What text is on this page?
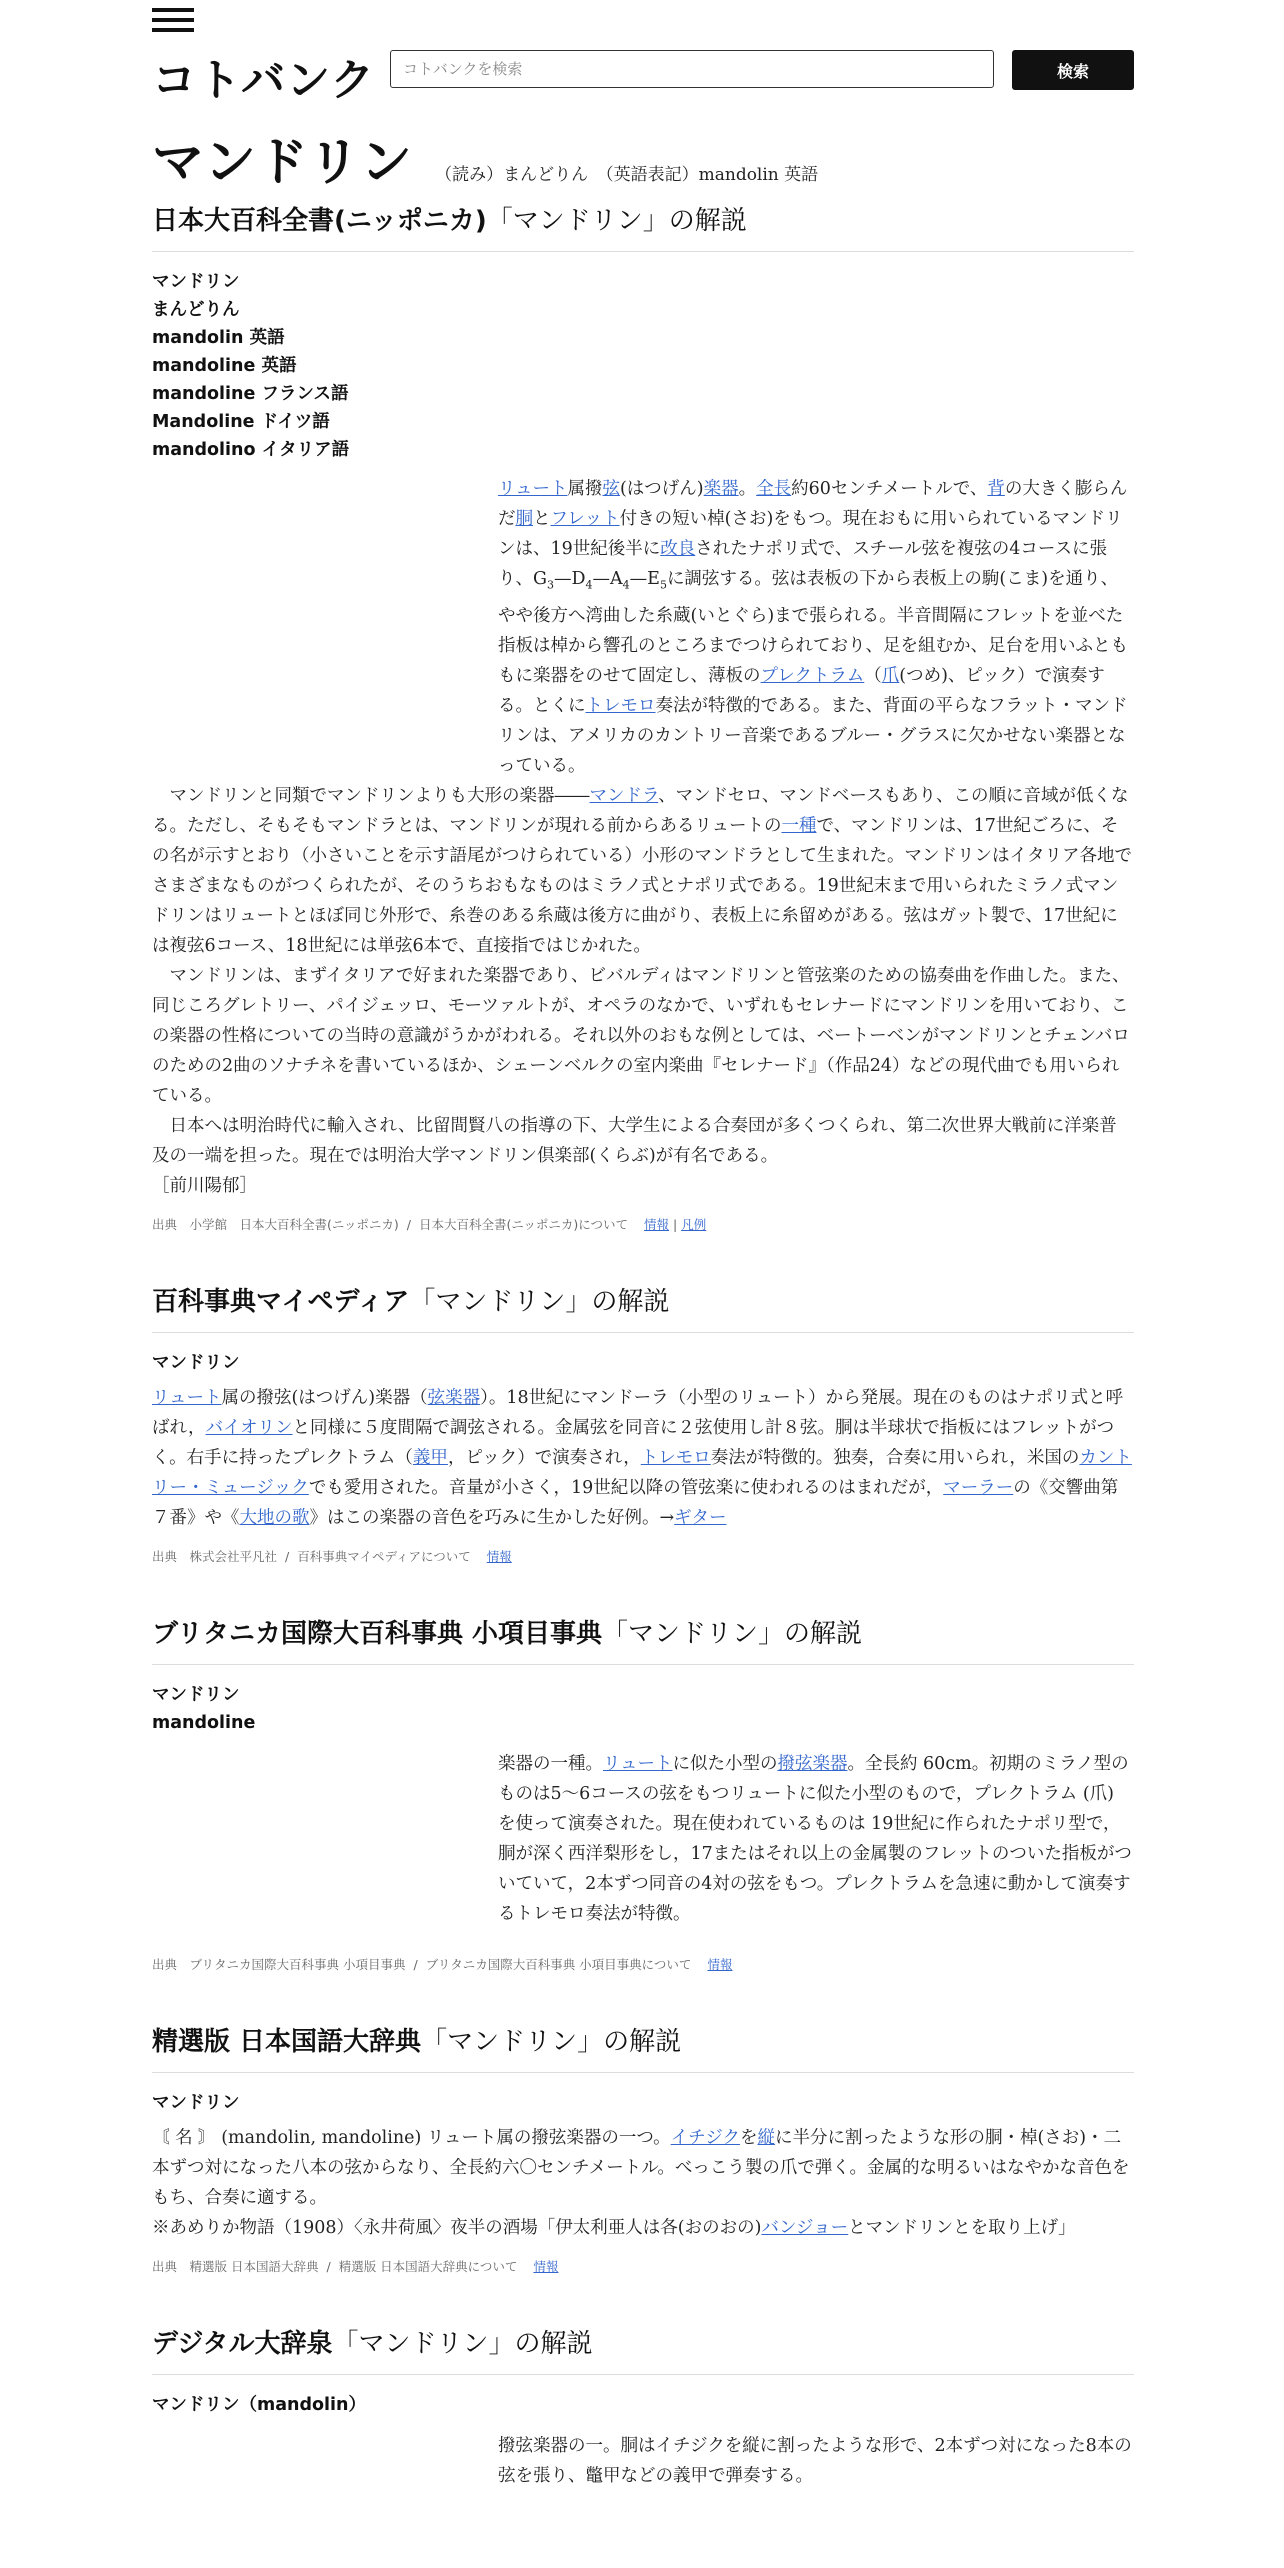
コトバンク
コトバンクを検索	検索
マンドリン （読み）まんどりん　（英語表記）mandolin 英語
日本大百科全書(ニッポニカ)「マンドリン」の解説
マンドリン
まんどりん
mandolin 英語
mandoline 英語
mandoline フランス語
Mandoline ドイツ語
mandolino イタリア語
リュート属撥弦(はつげん)楽器。全長約60センチメートルで、背の大きく膨らんだ胴とフレット付きの短い棹(さお)をもつ。現在おもに用いられているマンドリンは、19世紀後半に改良されたナポリ式で、スチール弦を複弦の4コースに張り、$G_3—D_4—A_4—E_5$に調弦する。弦は表板の下から表板上の駒(こま)を通り、やや後方へ湾曲した糸蔵(いとぐら)まで張られる。半音間隔にフレットを並べた指板は棹から響孔のところまでつけられており、足を組むか、足台を用いふとももに楽器をのせて固定し、薄板のプレクトラム（爪(つめ)、ピック）で演奏する。とくにトレモロ奏法が特徴的である。また、背面の平らなフラット・マンドリンは、アメリカのカントリー音楽であるブルー・グラスに欠かせない楽器となっている。

マンドリンと同類でマンドリンよりも大形の楽器――マンドラ、マンドセロ、マンドベースもあり、この順に音域が低くなる。ただし、そもそもマンドラとは、マンドリンが現れる前からあるリュートの一種で、マンドリンは、17世紀ごろに、その名が示すとおり（小さいことを示す語尾がつけられている）小形のマンドラとして生まれた。マンドリンはイタリア各地でさまざまなものがつくられたが、そのうちおもなものはミラノ式とナポリ式である。19世紀末まで用いられたミラノ式マンドリンはリュートとほぼ同じ外形で、糸巻のある糸蔵は後方に曲がり、表板上に糸留めがある。弦はガット製で、17世紀には複弦6コース、18世紀には単弦6本で、直接指ではじかれた。

マンドリンは、まずイタリアで好まれた楽器であり、ビバルディはマンドリンと管弦楽のための協奏曲を作曲した。また、同じころグレトリー、パイジェッロ、モーツァルトが、オペラのなかで、いずれもセレナードにマンドリンを用いており、この楽器の性格についての当時の意識がうかがわれる。それ以外のおもな例としては、ベートーベンがマンドリンとチェンバロのための2曲のソナチネを書いているほか、シェーンベルクの室内楽曲『セレナード』（作品24）などの現代曲でも用いられている。

日本へは明治時代に輸入され、比留間賢八の指導の下、大学生による合奏団が多くつくられ、第二次世界大戦前に洋楽普及の一端を担った。現在では明治大学マンドリン倶楽部(くらぶ)が有名である。

［前川陽郁］
出典　小学館　日本大百科全書(ニッポニカ) / 日本大百科全書(ニッポニカ)について 情報 | 凡例
百科事典マイペディア「マンドリン」の解説
マンドリン
リュート属の撥弦(はつげん)楽器（弦楽器）。18世紀にマンドーラ（小型のリュート）から発展。現在のものはナポリ式と呼ばれ，バイオリンと同様に５度間隔で調弦される。金属弦を同音に２弦使用し計８弦。胴は半球状で指板にはフレットがつく。右手に持ったプレクトラム（義甲，ピック）で演奏され，トレモロ奏法が特徴的。独奏，合奏に用いられ，米国のカントリー・ミュージックでも愛用された。音量が小さく，19世紀以降の管弦楽に使われるのはまれだが，マーラーの《交響曲第７番》や《大地の歌》はこの楽器の音色を巧みに生かした好例。→ギター
出典　株式会社平凡社 / 百科事典マイペディアについて 情報
ブリタニカ国際大百科事典 小項目事典「マンドリン」の解説
マンドリン
mandoline
楽器の一種。リュートに似た小型の撥弦楽器。全長約 60cm。初期のミラノ型のものは5～6コースの弦をもつリュートに似た小型のもので，プレクトラム (爪) を使って演奏された。現在使われているものは 19世紀に作られたナポリ型で，胴が深く西洋梨形をし，17またはそれ以上の金属製のフレットのついた指板がついていて，2本ずつ同音の4対の弦をもつ。プレクトラムを急速に動かして演奏するトレモロ奏法が特徴。
出典　ブリタニカ国際大百科事典 小項目事典 / ブリタニカ国際大百科事典 小項目事典について 情報
精選版 日本国語大辞典「マンドリン」の解説
マンドリン
〘 名 〙 (mandolin, mandoline) リュート属の撥弦楽器の一つ。イチジクを縦に半分に割ったような形の胴・棹(さお)・二本ずつ対になった八本の弦からなり、全長約六〇センチメートル。べっこう製の爪で弾く。金属的な明るいはなやかな音色をもち、合奏に適する。
※あめりか物語（1908）〈永井荷風〉夜半の酒場「伊太利亜人は各(おのおの)バンジョーとマンドリンとを取り上げ」
出典　精選版 日本国語大辞典 / 精選版 日本国語大辞典について 情報
デジタル大辞泉「マンドリン」の解説
マンドリン（mandolin）
撥弦楽器の一。胴はイチジクを縦に割ったような形で、2本ずつ対になった8本の弦を張り、鼈甲などの義甲で弾奏する。
